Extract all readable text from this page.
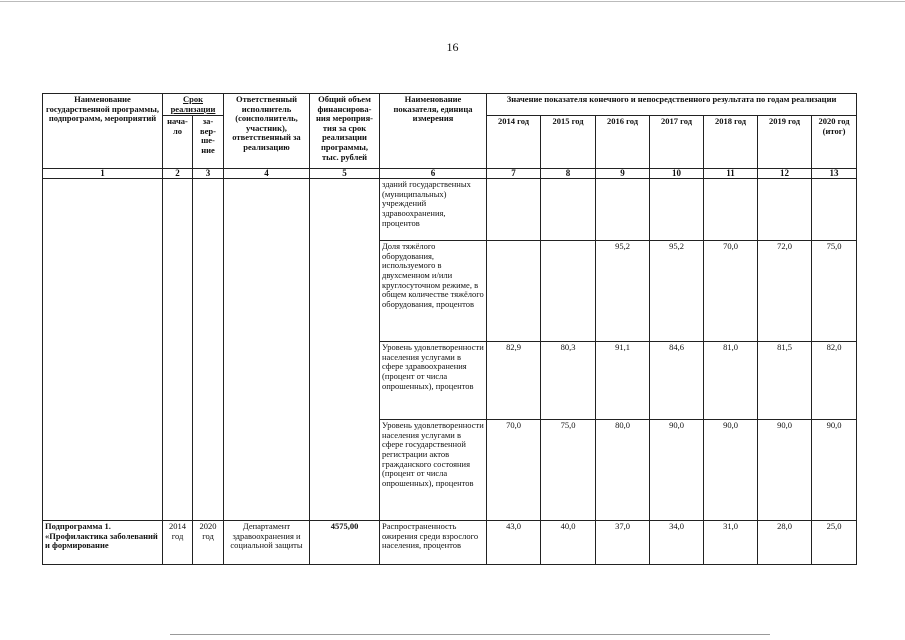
16
Наименование государственной программы, подпрограмм, мероприятий	Срок реализации		Ответственный исполнитель (соисполнитель, участник), ответственный за реализацию	Общий объем финансирова-ния мероприя-тия за срок реализации программы, тыс. рублей	Наименование показателя, единица измерения	Значение показателя конечного и непосредственного результата по годам реализации						
	нача-ло	за-вер-ше-ние				2014 год	2015 год	2016 год	2017 год	2018 год	2019 год	2020 год (итог)
1	2	3	4	5	6	7	8	9	10	11	12	13
					зданий государственных (муниципальных) учреждений здравоохранения, процентов							
					Доля тяжёлого оборудования, используемого в двухсменном и/или круглосуточном режиме, в общем количестве тяжёлого оборудования, процентов			95,2	95,2	70,0	72,0	75,0
					Уровень удовлетворенности населения услугами в сфере здравоохранения (процент от числа опрошенных), процентов	82,9	80,3	91,1	84,6	81,0	81,5	82,0
					Уровень удовлетворенности населения услугами в сфере государственной регистрации актов гражданского состояния (процент от числа опрошенных), процентов	70,0	75,0	80,0	90,0	90,0	90,0	90,0
Подпрограмма 1. «Профилактика заболеваний и формирование	2014 год	2020 год	Департамент здравоохранения и социальной защиты	4575,00	Распространенность ожирения среди взрослого населения, процентов	43,0	40,0	37,0	34,0	31,0	28,0	25,0
